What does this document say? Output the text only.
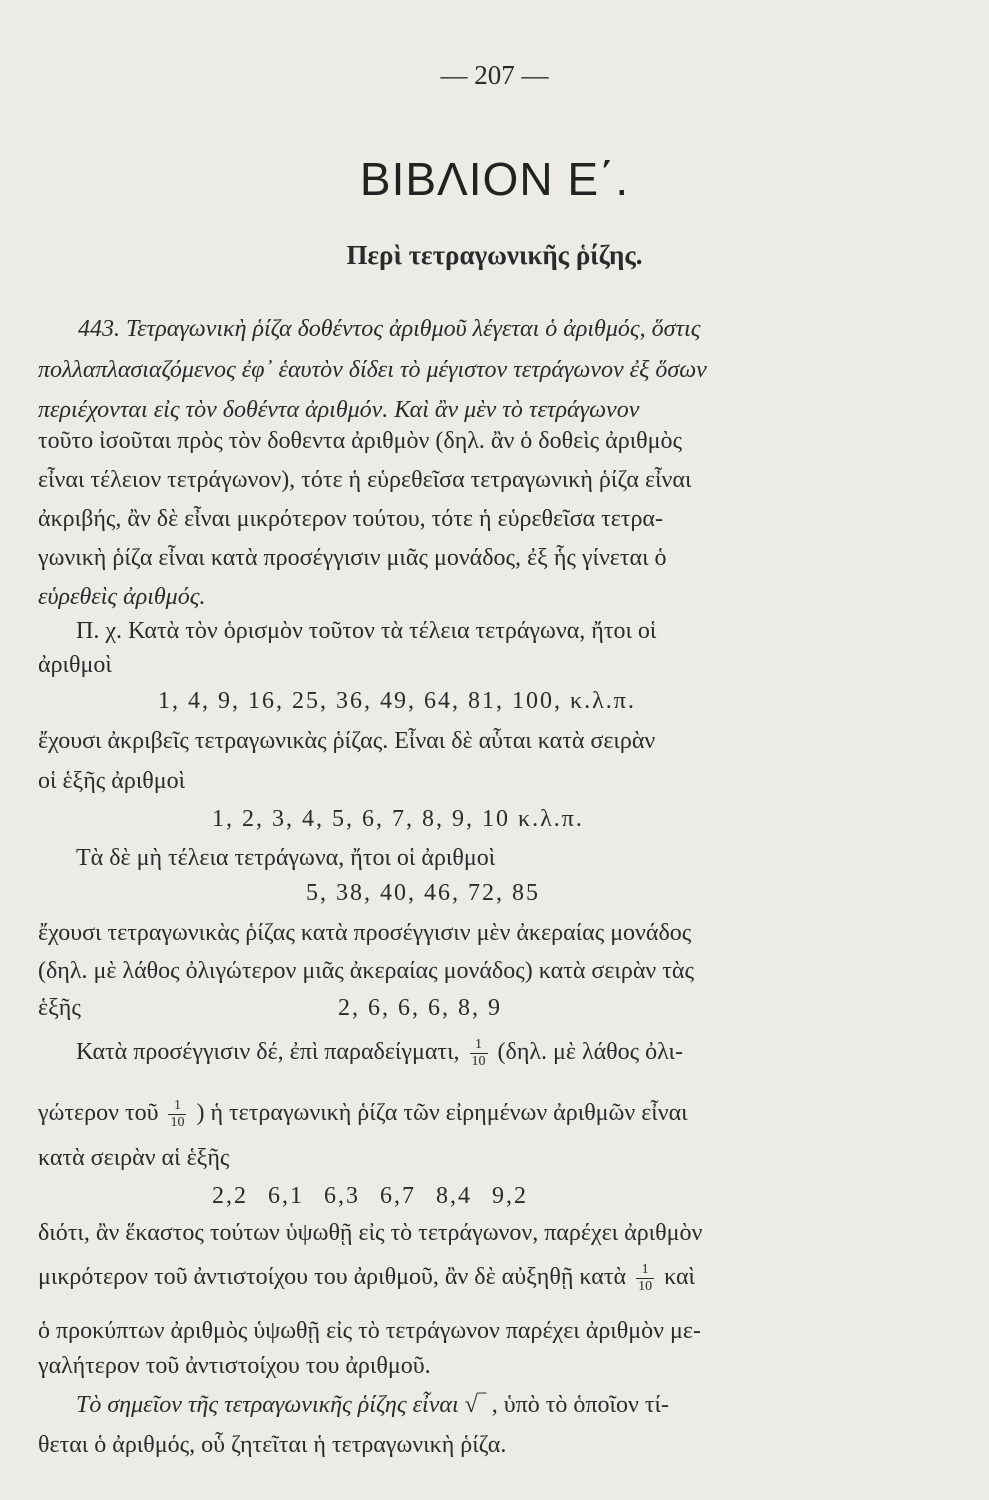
— 207 —
ΒΙΒΛΙΟΝ Ε΄.
Περὶ τετραγωνικῆς ῥίζης.
443. Τετραγωνικὴ ῥίζα δοθέντος ἀριθμοῦ λέγεται ὁ ἀριθμός, ὅστις
πολλαπλασιαζόμενος ἐφ᾽ ἑαυτὸν δίδει τὸ μέγιστον τετράγωνον ἐξ ὅσων
περιέχονται εἰς τὸν δοθέντα ἀριθμόν. Καὶ ἂν μὲν τὸ τετράγωνον
τοῦτο ἰσοῦται πρὸς τὸν δοθεντα ἀριθμὸν (δηλ. ἂν ὁ δοθεὶς ἀριθμὸς
εἶναι τέλειον τετράγωνον), τότε ἡ εὑρεθεῖσα τετραγωνικὴ ῥίζα εἶναι
ἀκριβής, ἂν δὲ εἶναι μικρότερον τούτου, τότε ἡ εὑρεθεῖσα τετρα-
γωνικὴ ῥίζα εἶναι κατὰ προσέγγισιν μιᾶς μονάδος, ἐξ ἧς γίνεται ὁ
εὑρεθεὶς ἀριθμός.
Π. χ. Κατὰ τὸν ὁρισμὸν τοῦτον τὰ τέλεια τετράγωνα, ἤτοι οἱ
ἀριθμοὶ
1, 4, 9, 16, 25, 36, 49, 64, 81, 100, κ.λ.π.
ἔχουσι ἀκριβεῖς τετραγωνικὰς ῥίζας. Εἶναι δὲ αὗται κατὰ σειρὰν
οἱ ἑξῆς ἀριθμοὶ
1, 2, 3, 4, 5, 6, 7, 8, 9, 10 κ.λ.π.
Τὰ δὲ μὴ τέλεια τετράγωνα, ἤτοι οἱ ἀριθμοὶ
5, 38, 40, 46, 72, 85
ἔχουσι τετραγωνικὰς ῥίζας κατὰ προσέγγισιν μὲν ἀκεραίας μονάδος
(δηλ. μὲ λάθος ὀλιγώτερον μιᾶς ἀκεραίας μονάδος) κατὰ σειρὰν τὰς
ἑξῆς	2, 6, 6, 6, 8, 9
Κατὰ προσέγγισιν δέ, ἐπὶ παραδείγματι, $\frac{1}{10} (\delta\eta\lambda$. μὲ λάθος ὀλι-
γώτερον τοῦ $\frac{1}{10}$ ) ἡ τετραγωνικὴ ῥίζα τῶν εἰρημένων ἀριθμῶν εἶναι
κατὰ σειρὰν αἱ ἑξῆς
2,2 6,1 6,3 6,7 8,4 9,2
διότι, ἂν ἕκαστος τούτων ὑψωθῇ εἰς τὸ τετράγωνον, παρέχει ἀριθμὸν
μικρότερον τοῦ ἀντιστοίχου του ἀριθμοῦ, ἂν δὲ αὐξηθῇ κατὰ $\frac{1}{10}$ καὶ
ὁ προκύπτων ἀριθμὸς ὑψωθῇ εἰς τὸ τετράγωνον παρέχει ἀριθμὸν με-
γαλήτερον τοῦ ἀντιστοίχου του ἀριθμοῦ.
Τὸ σημεῖον τῆς τετραγωνικῆς ῥίζης εἶναι √‾ , ὑπὸ τὸ ὁποῖον τί-
θεται ὁ ἀριθμός, οὗ ζητεῖται ἡ τετραγωνικὴ ῥίζα.
